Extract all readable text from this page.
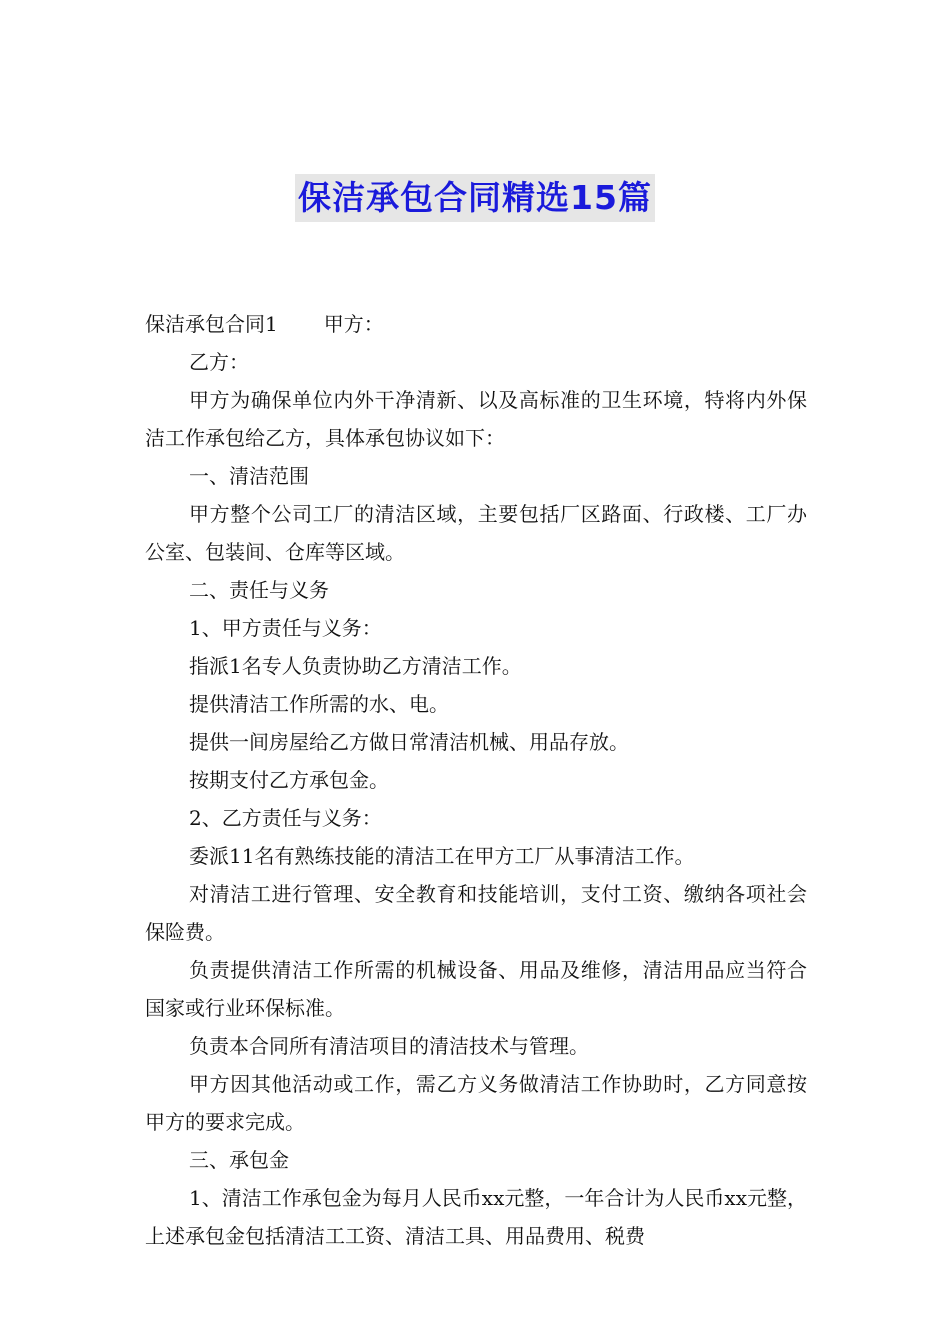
保洁承包合同精选15篇

保洁承包合同1 甲方：

乙方：

甲方为确保单位内外干净清新、以及高标准的卫生环境，特将内外保洁工作承包给乙方，具体承包协议如下：

一、清洁范围

甲方整个公司工厂的清洁区域，主要包括厂区路面、行政楼、工厂办公室、包装间、仓库等区域。

二、责任与义务

1、甲方责任与义务：

指派1名专人负责协助乙方清洁工作。

提供清洁工作所需的水、电。

提供一间房屋给乙方做日常清洁机械、用品存放。

按期支付乙方承包金。

2、乙方责任与义务：

委派11名有熟练技能的清洁工在甲方工厂从事清洁工作。

对清洁工进行管理、安全教育和技能培训，支付工资、缴纳各项社会保险费。

负责提供清洁工作所需的机械设备、用品及维修，清洁用品应当符合国家或行业环保标准。

负责本合同所有清洁项目的清洁技术与管理。

甲方因其他活动或工作，需乙方义务做清洁工作协助时，乙方同意按甲方的要求完成。

三、承包金

1、清洁工作承包金为每月人民币xx元整，一年合计为人民币xx元整，上述承包金包括清洁工工资、清洁工具、用品费用、税费
